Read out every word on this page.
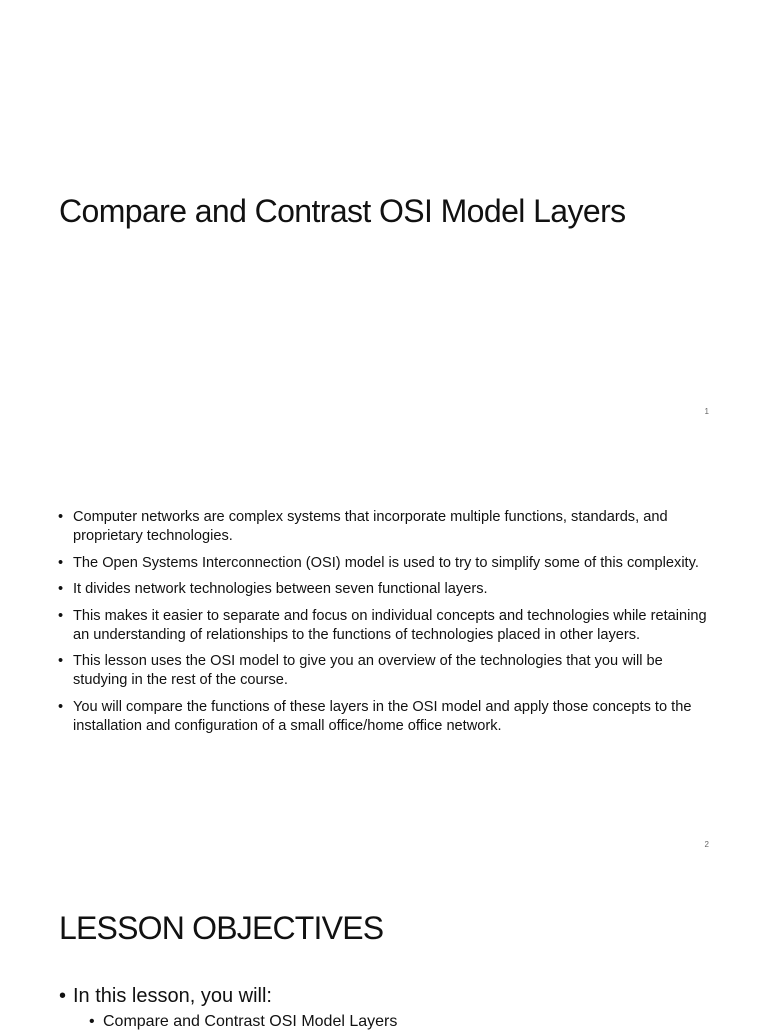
Compare and Contrast OSI Model Layers
1
• Computer networks are complex systems that incorporate multiple functions, standards, and proprietary technologies.
• The Open Systems Interconnection (OSI) model is used to try to simplify some of this complexity.
• It divides network technologies between seven functional layers.
• This makes it easier to separate and focus on individual concepts and technologies while retaining an understanding of relationships to the functions of technologies placed in other layers.
• This lesson uses the OSI model to give you an overview of the technologies that you will be studying in the rest of the course.
• You will compare the functions of these layers in the OSI model and apply those concepts to the installation and configuration of a small office/home office network.
2
LESSON OBJECTIVES
• In this lesson, you will:
• Compare and Contrast OSI Model Layers
